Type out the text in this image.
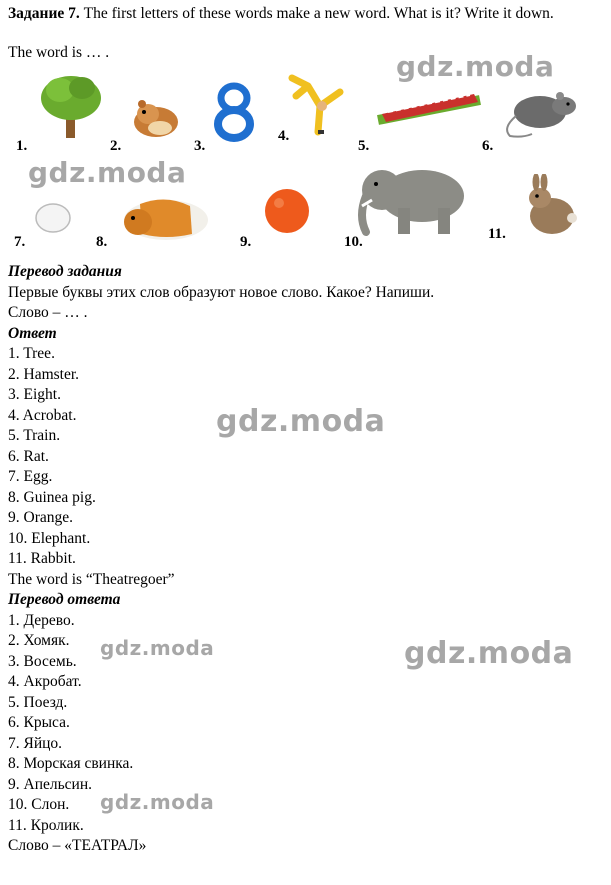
Задание 7. The first letters of these words make a new word. What is it? Write it down.
The word is … .
1.	2.	3.
4.
5.	6.
gdz.moda
7.	8.	9.	10.	11.
gdz.moda
Перевод задания
Первые буквы этих слов образуют новое слово. Какое? Напиши.
Слово – … .
Ответ
1. Tree.
2. Hamster.
3. Eight.
4. Acrobat.
5. Train.
6. Rat.
7. Egg.
8. Guinea pig.
9. Orange.
10. Elephant.
11. Rabbit.
The word is “Theatregoer”
Перевод ответа
1. Дерево.
2. Хомяк.
3. Восемь.
4. Акробат.
5. Поезд.
6. Крыса.
7. Яйцо.
8. Морская свинка.
9. Апельсин.
10. Слон.
11. Кролик.
Слово – «ТЕАТРАЛ»
gdz.moda
gdz.moda
gdz.moda
gdz.moda
